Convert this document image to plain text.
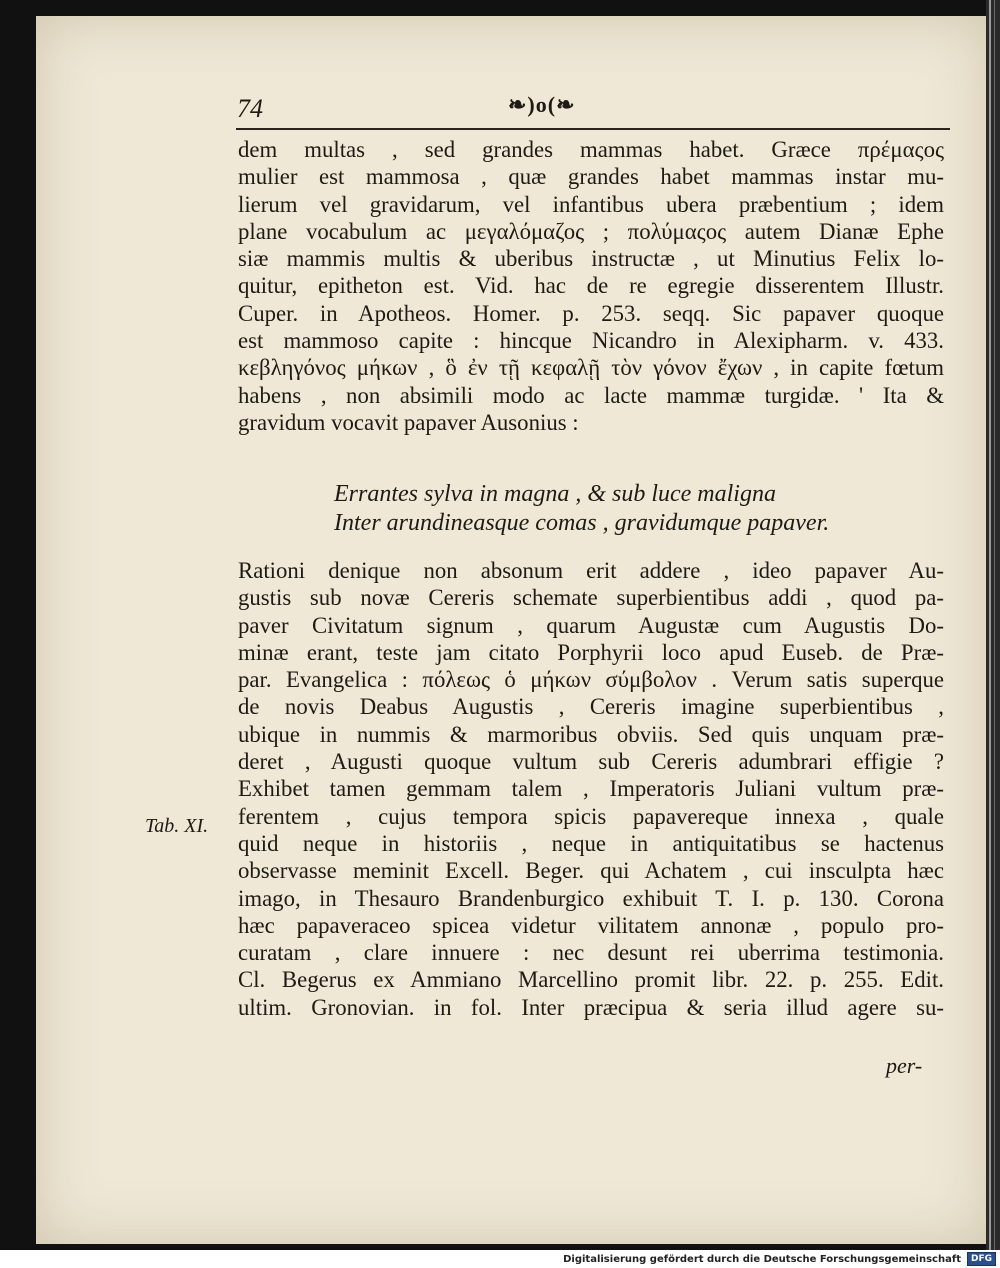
74	❧)o(❧
dem multas , sed grandes mammas habet. Græce πρέμαςος
mulier est mammosa , quæ grandes habet mammas instar mu-
lierum vel gravidarum, vel infantibus ubera præbentium ; idem
plane vocabulum ac μεγαλόμαζος ; πολύμαςος autem Dianæ Ephe
siæ mammis multis & uberibus instructæ , ut Minutius Felix lo-
quitur, epitheton est. Vid. hac de re egregie disserentem Illustr.
Cuper. in Apotheos. Homer. p. 253. seqq. Sic papaver quoque
est mammoso capite : hincque Nicandro in Alexipharm. v. 433.
κεβληγόνος μήκων , ὃ ἐν τῇ κεφαλῇ τὸν γόνον ἔχων , in capite fœtum
habens , non absimili modo ac lacte mammæ turgidæ. ' Ita &
gravidum vocavit papaver Ausonius :
Errantes sylva in magna , & sub luce maligna
Inter arundineasque comas , gravidumque papaver.
Rationi denique non absonum erit addere , ideo papaver Au-
gustis sub novæ Cereris schemate superbientibus addi , quod pa-
paver Civitatum signum , quarum Augustæ cum Augustis Do-
minæ erant, teste jam citato Porphyrii loco apud Euseb. de Præ-
par. Evangelica : πόλεως ὁ μήκων σύμβολον . Verum satis superque
de novis Deabus Augustis , Cereris imagine superbientibus ,
ubique in nummis & marmoribus obviis. Sed quis unquam præ-
deret , Augusti quoque vultum sub Cereris adumbrari effigie ?
Exhibet tamen gemmam talem , Imperatoris Juliani vultum præ-
ferentem , cujus tempora spicis papavereque innexa , quale
quid neque in historiis , neque in antiquitatibus se hactenus
observasse meminit Excell. Beger. qui Achatem , cui insculpta hæc
imago, in Thesauro Brandenburgico exhibuit T. I. p. 130. Corona
hæc papaveraceo spicea videtur vilitatem annonæ , populo pro-
curatam , clare innuere : nec desunt rei uberrima testimonia.
Cl. Begerus ex Ammiano Marcellino promit libr. 22. p. 255. Edit.
ultim. Gronovian. in fol. Inter præcipua & seria illud agere su-
Tab. XI.
per-
Digitalisierung gefördert durch die Deutsche Forschungsgemeinschaft	DFG
